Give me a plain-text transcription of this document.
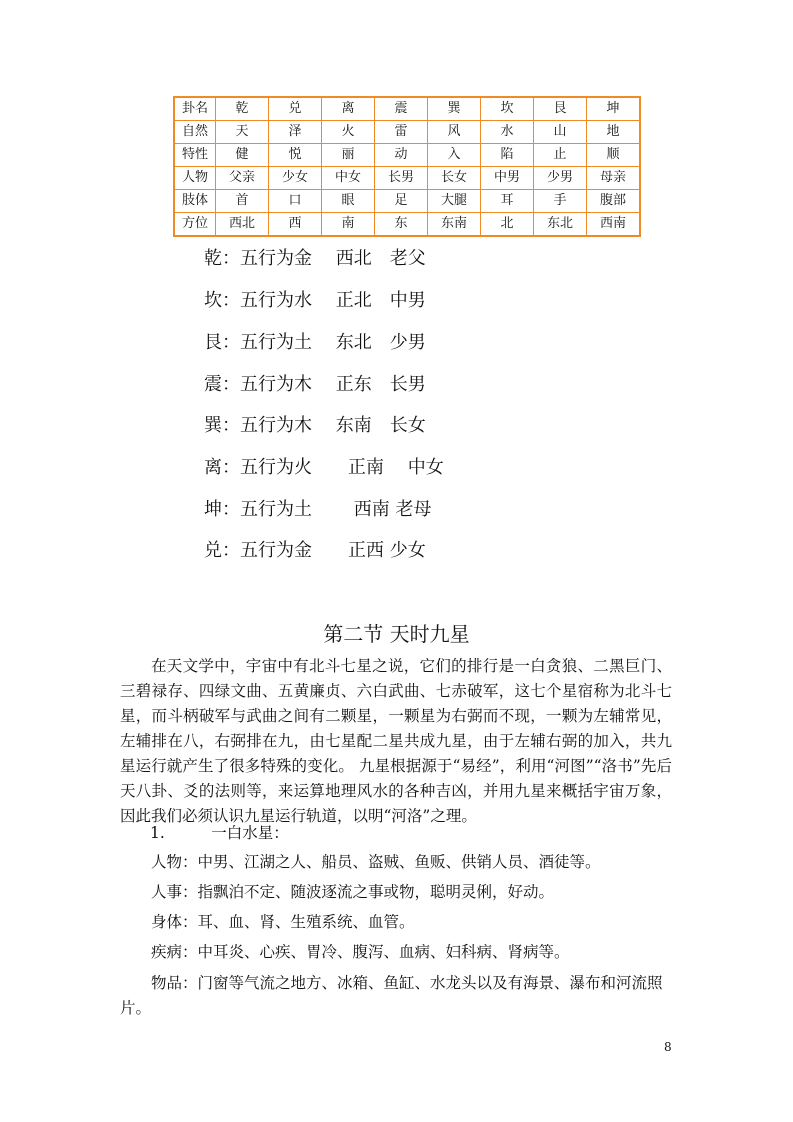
卦名	乾	兑	离	震	巽	坎	艮	坤
自然	天	泽	火	雷	风	水	山	地
特性	健	悦	丽	动	入	陷	止	顺
人物	父亲	少女	中女	长男	长女	中男	少男	母亲
肢体	首	口	眼	足	大腿	耳	手	腹部
方位	西北	西	南	东	东南	北	东北	西南
乾：五行为金　 西北　老父
坎：五行为水　 正北　中男
艮：五行为土　 东北　少男
震：五行为木　 正东　长男
巽：五行为木　 东南　长女
离：五行为火　　正南　 中女
坤：五行为土　　 西南 老母
兑：五行为金　　正西 少女
第二节 天时九星

在天文学中，宇宙中有北斗七星之说，它们的排行是一白贪狼、二黑巨门、三碧禄存、四绿文曲、五黄廉贞、六白武曲、七赤破军，这七个星宿称为北斗七星，而斗柄破军与武曲之间有二颗星，一颗星为右弼而不现，一颗为左辅常见，左辅排在八，右弼排在九，由七星配二星共成九星，由于左辅右弼的加入，共九星运行就产生了很多特殊的变化。 九星根据源于“易经”，利用“河图”“洛书”先后天八卦、爻的法则等，来运算地理风水的各种吉凶，并用九星来概括宇宙万象，因此我们必须认识九星运行轨道，以明“河洛”之理。

1.　　　一白水星：

人物：中男、江湖之人、船员、盗贼、鱼贩、供销人员、酒徒等。

人事：指飘泊不定、随波逐流之事或物，聪明灵俐，好动。

身体：耳、血、肾、生殖系统、血管。

疾病：中耳炎、心疾、胃冷、腹泻、血病、妇科病、肾病等。

物品：门窗等气流之地方、冰箱、鱼缸、水龙头以及有海景、瀑布和河流照片。

8
